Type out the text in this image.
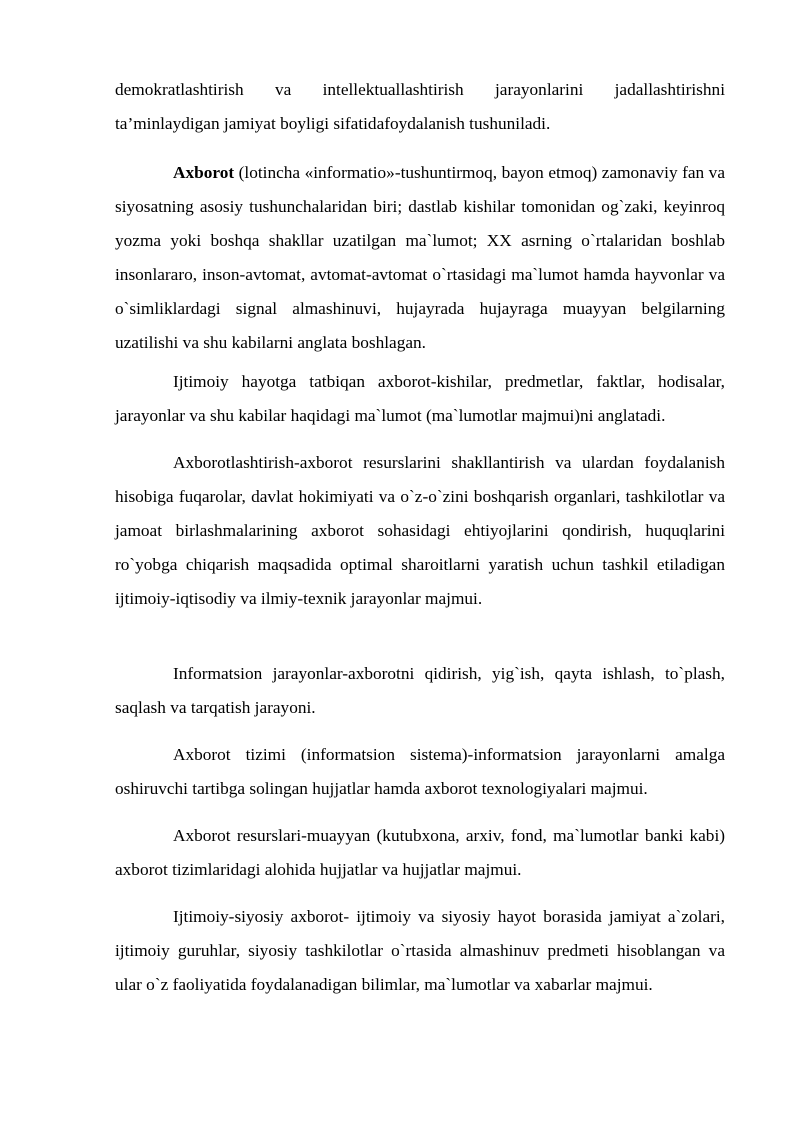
demokratlashtirish va intellektuallashtirish jarayonlarini jadallashtirishni ta’minlaydigan jamiyat boyligi sifatidafoydalanish tushuniladi.

Axborot (lotincha «informatio»-tushuntirmoq, bayon etmoq) zamonaviy fan va siyosatning asosiy tushunchalaridan biri; dastlab kishilar tomonidan og`zaki, keyinroq yozma yoki boshqa shakllar uzatilgan ma`lumot; XX asrning o`rtalaridan boshlab insonlararo, inson-avtomat, avtomat-avtomat o`rtasidagi ma`lumot hamda hayvonlar va o`simliklardagi signal almashinuvi, hujayrada hujayraga muayyan belgilarning uzatilishi va shu kabilarni anglata boshlagan.

Ijtimoiy hayotga tatbiqan axborot-kishilar, predmetlar, faktlar, hodisalar, jarayonlar va shu kabilar haqidagi ma`lumot (ma`lumotlar majmui)ni anglatadi.

Axborotlashtirish-axborot resurslarini shakllantirish va ulardan foydalanish hisobiga fuqarolar, davlat hokimiyati va o`z-o`zini boshqarish organlari, tashkilotlar va jamoat birlashmalarining axborot sohasidagi ehtiyojlarini qondirish, huquqlarini ro`yobga chiqarish maqsadida optimal sharoitlarni yaratish uchun tashkil etiladigan ijtimoiy-iqtisodiy va ilmiy-texnik jarayonlar majmui.

Informatsion jarayonlar-axborotni qidirish, yig`ish, qayta ishlash, to`plash, saqlash va tarqatish jarayoni.

Axborot tizimi (informatsion sistema)-informatsion jarayonlarni amalga oshiruvchi tartibga solingan hujjatlar hamda axborot texnologiyalari majmui.

Axborot resurslari-muayyan (kutubxona, arxiv, fond, ma`lumotlar banki kabi) axborot tizimlaridagi alohida hujjatlar va hujjatlar majmui.

Ijtimoiy-siyosiy axborot- ijtimoiy va siyosiy hayot borasida jamiyat a`zolari, ijtimoiy guruhlar, siyosiy tashkilotlar o`rtasida almashinuv predmeti hisoblangan va ular o`z faoliyatida foydalanadigan bilimlar, ma`lumotlar va xabarlar majmui.
